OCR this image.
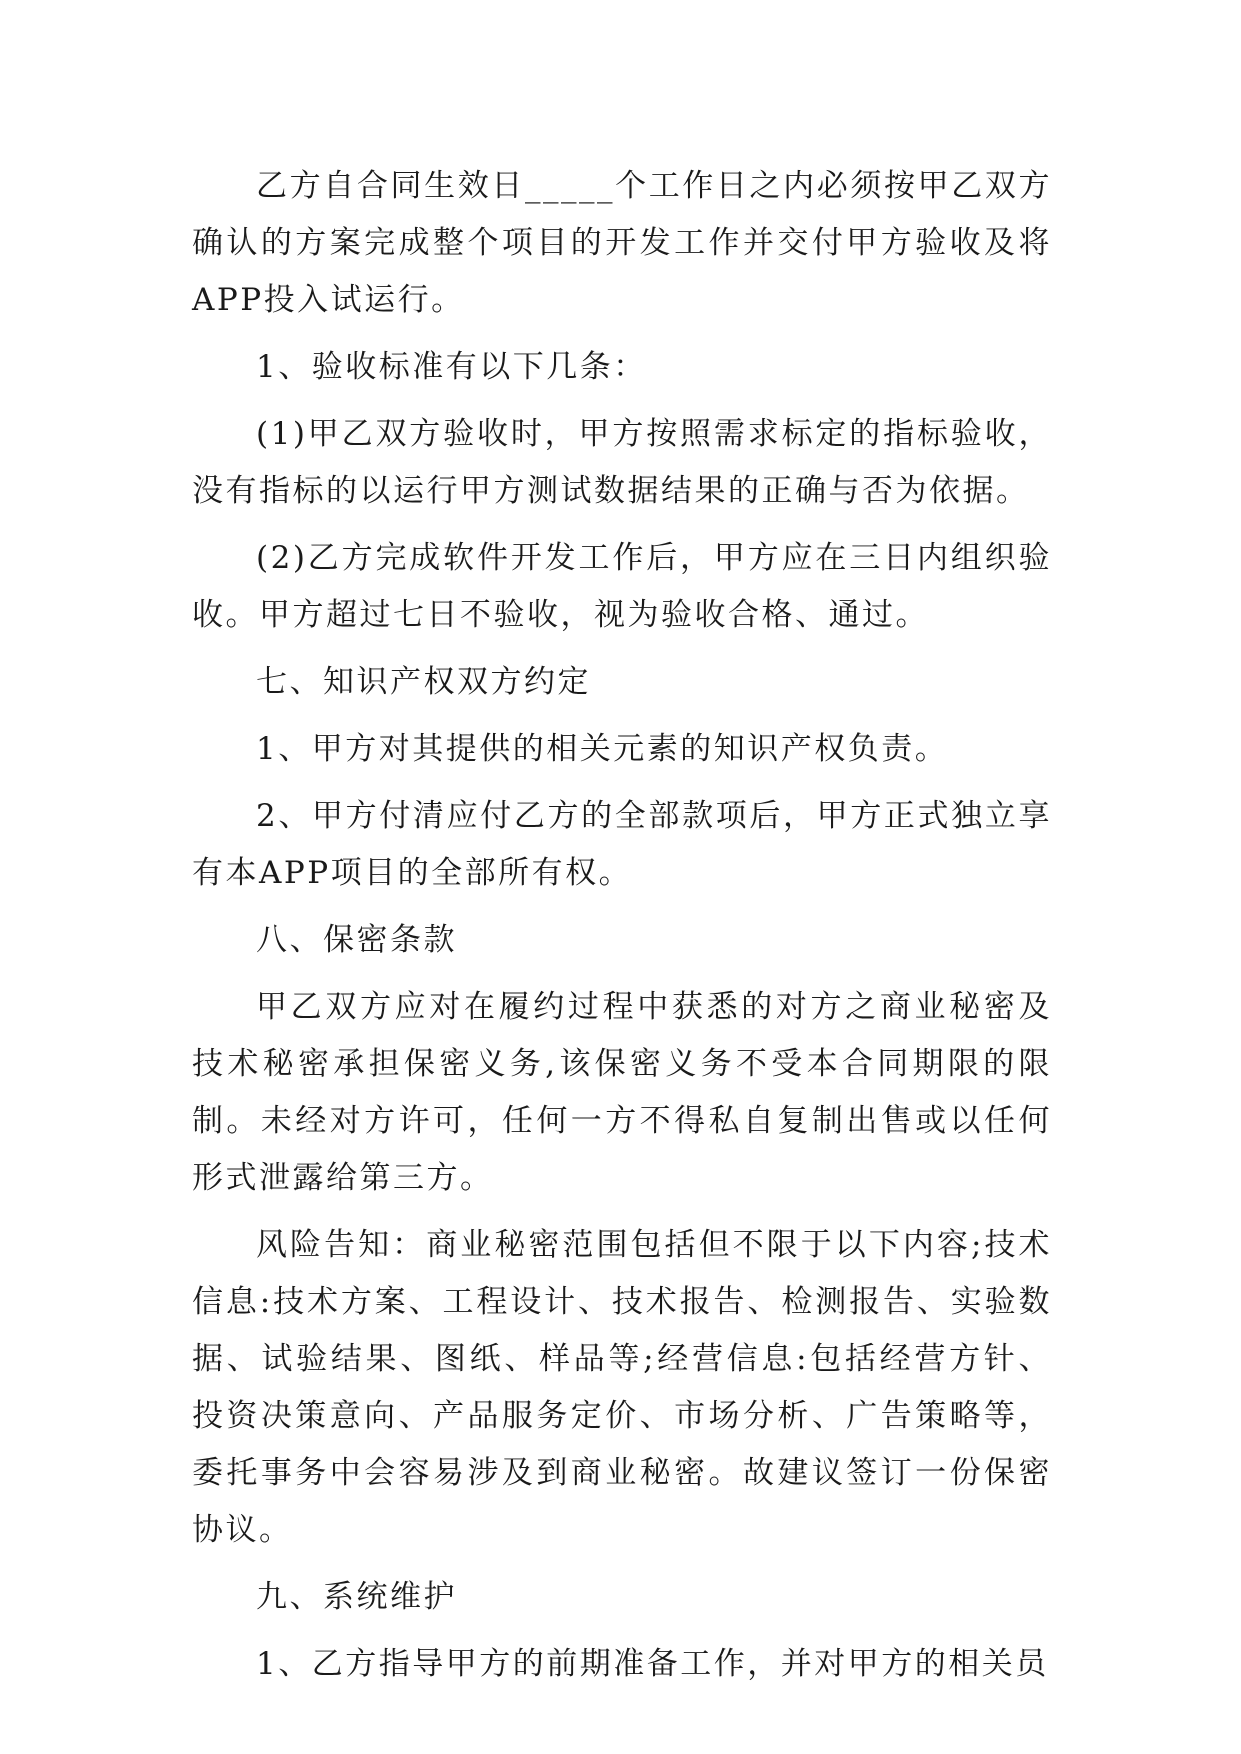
乙方自合同生效日_____个工作日之内必须按甲乙双方确认的方案完成整个项目的开发工作并交付甲方验收及将APP投入试运行。

1、验收标准有以下几条：

(1)甲乙双方验收时，甲方按照需求标定的指标验收，没有指标的以运行甲方测试数据结果的正确与否为依据。

(2)乙方完成软件开发工作后，甲方应在三日内组织验收。甲方超过七日不验收，视为验收合格、通过。

七、知识产权双方约定

1、甲方对其提供的相关元素的知识产权负责。

2、甲方付清应付乙方的全部款项后，甲方正式独立享有本APP项目的全部所有权。

八、保密条款

甲乙双方应对在履约过程中获悉的对方之商业秘密及技术秘密承担保密义务,该保密义务不受本合同期限的限制。未经对方许可，任何一方不得私自复制出售或以任何形式泄露给第三方。

风险告知：商业秘密范围包括但不限于以下内容;技术信息:技术方案、工程设计、技术报告、检测报告、实验数据、试验结果、图纸、样品等;经营信息:包括经营方针、投资决策意向、产品服务定价、市场分析、广告策略等，委托事务中会容易涉及到商业秘密。故建议签订一份保密协议。

九、系统维护

1、乙方指导甲方的前期准备工作，并对甲方的相关员
